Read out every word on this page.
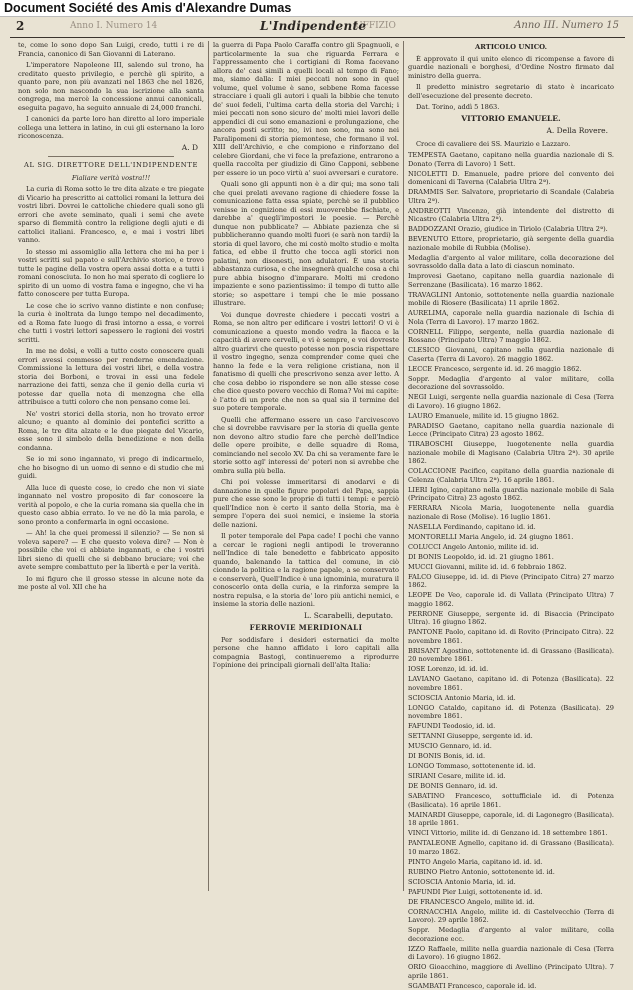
Document Société des Amis d'Alexandre Dumas
2	Anno I. Numero 14	UFFIZIO
L'Indipendente	Anno III. Numero 15

te, come lo sono dopo San Luigi, credo, tutti i re di Francia, canonico di San Giovanni di Laterano.

L'imperatore Napoleone III, salendo sul trono, ha creditato questo privilegio, e perchè gli spirito, a quanto pare, non più avanzati nel 1863 che nel 1826, non solo non nascondo la sua iscrizione alla santa congrega, ma mercè la concessione annui canonicali, eseguita pagavo, ha seguito annuale di 24,000 franchi.

I canonici da parte loro han diretto al loro imperiale collega una lettera in latino, in cui gli esternano la loro riconoscenza.

A. D
AL SIG. DIRETTORE DELL'INDIPENDENTE
Fialiare verità vostra!!!

La curia di Roma sotto le tre dita alzate e tre piegate di Vicario ha prescritto ai cattolici romani la lettura dei vostri libri. Dovrei le cattoliche chiedere quali sono gli errori che avete seminato, quali i semi che avete sparso di flemmità contro la religione degli ajuti e di cattolici italiani. Francesco, e, e mai i vostri libri vanno.

Io stesso mi assomiglio alla lettera che mi ha per i vostri scritti sul papato e sull'Archivio storico, e trovo tutte le pagine della vostra opera assai dotta e a tutti i romani conosciuta. Io non ho mai sperato di cogliere lo spirito di un uomo di vostra fama e ingegno, che vi ha fatto conoscere per tutta Europa.

Le cose che io scrivo vanno distinte e non confuse; la curia è inoltrata da lungo tempo nel decadimento, ed a Roma fate luogo di frasi intorno a essa, e vorrei che tutti i vostri lettori sapessero le ragioni dei vostri scritti.

In me ne dolsi, e volli a tutto costo conoscere quali errori avessi commesso per renderne emendazione. Commissione la lettura dei vostri libri, e della vostra storia dei Borboni, e trovai in essi una fedele narrazione dei fatti, senza che il genio della curia vi potesse dar quella nota di menzogna che ella attribuisce a tutti coloro che non pensano come lei.

Ne' vostri storici della storia, non ho trovato error alcuno; e quanto al dominio dei pontefici scritto a Roma, le tre dita alzate e le due piegate del Vicario, esse sono il simbolo della benedizione e non della condanna.

Se io mi sono ingannato, vi prego di indicarmelo, che ho bisogno di un uomo di senno e di studio che mi guidi.

Alla luce di queste cose, io credo che non vi siate ingannato nel vostro proposito di far conoscere la verità al popolo, e che la curia romana sia quella che in questo caso abbia errato. Io ve ne dò la mia parola, e sono pronto a confermarla in ogni occasione.

— Ah! la che quei promessi il silenzio? — Se non si voleva sapere? — E che questo voleva dire? — Non è possibile che voi ci abbiate ingannati, e che i vostri libri sieno di quelli che si debbano bruciare; voi che avete sempre combattuto per la libertà e per la verità.

Io mi figuro che il grosso stesse in alcune note da me poste al vol. XII che ha

la guerra di Papa Paolo Caraffa contro gli Spagnuoli, e particolarmente la sua che riguarda Ferrara e l'appressamento che i cortigiani di Roma facevano allora de' casi simili a quelli locali al tempo di Fano; ma, siamo dalla: I miei peccati non sono in quel volume, quel volume è sano, sebbene Roma facesse stracciare i quali gli autori i quali la bibbie che tenuto de' suoi fedeli, l'ultima carta della storia del Varchi; i miei peccati non sono sicuro de' molti miei lavori delle appendici di cui sono emanazioni e prolungazione, che ancora posti scritto; no, ivi non sono, ma sono nei Paralipomeni di storia piemontese, che formano il vol. XIII dell'Archivio, e che compiono e rinforzano del celebre Giordani, che vi fece la prefazione, entrarono a quella raccolta per giudizio di Gino Capponi, sebbene per essere io un poco virtù a' suoi avversari e curatore.

Quali sono gli appunti non è a dir qui; ma sono tali che quei prelati avevano ragione di chiedere fosse la comunicazione fatta essa spiate, perchè se il pubblico venisse in cognizione di essi muoverebbe fischiate, e darebbe a' quegli'impostori le poesie. — Perchè dunque non pubblicate? — Abbiate pazienza che si pubblicheranno quando molti fuori (e sarà non tardi) la storia di quel lavoro, che mi costò molto studio e molta fatica, ed ebbe il frutto che tocca agli storici non palatini, non disonesti, non adulatori. È una storia abbastanza curiosa, e che insegnerà qualche cosa a chi pure abbia bisogno d'imparare. Molti mi credono impaziente e sono pazientissimo: il tempo di tutto alle storie; so aspettare i tempi che le mie possano illustrare.

Voi dunque dovreste chiedere i peccati vostri a Roma, se non altro per edificare i vostri lettori! O vi è comunicazione a questo mondo vedra la fiacca e la capacità di avere cervelli, e vi è sempre, e voi dovreste altro guarirvi che questo potesse non poscia rispettare il vostro ingegno, senza comprender come quei che hanno la fede e la vera religione cristiana, non il fanatismo di quelli che prescrivono senza aver letto. A che cosa debbo io rispondere se non alle stesse cose che dice questo povero vecchio di Roma? Voi mi capite: è l'atto di un prete che non sa qual sia il termine del suo potere temporale.

Quelli che affermano essere un caso l'arcivescovo che si dovrebbe ravvisare per la storia di quella gente non devono altro studio fare che perchè dell'Indice delle opere proibite, e delle squadre di Roma, cominciando nel secolo XV. Da chi sa veramente fare le storie sotto agl' interessi de' poteri non si avrebbe che ombra sulla più bella.

Chi poi volesse immeritarsi di anodarvi e di dannazione in quelle figure popolari del Papa, sappia pure che esse sono le proprie di tutti i tempi: e perciò quell'Indice non è certo il santo della Storia, ma è sempre l'opera dei suoi nemici, e insieme la storia delle nazioni.

Il poter temporale del Papa cade! I pochi che vanno a cercar le ragioni negli antipodi le troveranno nell'Indice di tale benedetto e fabbricato apposito quando, balenando la tattica del comune, in ciò cionndo la politica e la ragione papale, a se conservato e conserverà, Quell'Indice è una ignominia, muratura il conoscerlo onta della curia, e la rinforza sempre la nostra repulsa, e la storia de' loro più antichi nemici, e insieme la storia delle nazioni.

L. Scarabelli, deputato.
FERROVIE MERIDIONALI

Per soddisfare i desideri esternatici da molte persone che hanno affidato i loro capitali alla compagnia Bastogi, continueremo a riprodurre l'opinione dei principali giornali dell'alta Italia:

ARTICOLO UNICO.

È approvato il qui unito elenco di ricompense a favore di guardie nazionali e borghesi, d'Ordine Nostro firmato dal ministro della guerra.

Il predetto ministro segretario di stato è incaricato dell'esecuzione del presente decreto.

Dat. Torino, addì 5 1863.

VITTORIO EMANUELE.
A. Della Rovere.

Croce di cavaliere dei SS. Maurizio e Lazzaro.

TEMPESTA Gaetano, capitano nella guardia nazionale di S. Donato (Terra di Lavoro) 1 Sett.

NICOLETTI D. Emanuele, padre priore del convento dei domenicani di Taverna (Calabria Ultra 2ª).

DRAMMIS Ser. Salvatore, proprietario di Scandale (Calabria Ultra 2ª).

ANDREOTTI Vincenzo, già intendente del distretto di Nicastro (Calabria Ultra 2ª).

BADDOZZANI Orazio, giudice in Tiriolo (Calabria Ultra 2ª).

BEVENUTO Ettore, proprietario, già sergente della guardia nazionale mobile di Rubbia (Molise).

Medaglia d'argento al valor militare, colla decorazione del sovrassoldo dalla data a lato di ciascun nominato.

Improvesi Gaetano, capitano nella guardia nazionale di Serrenzane (Basilicata). 16 marzo 1862.

TRAVAGLINI Antonio, sottotenente nella guardia nazionale mobile di Riosere (Basilicata) 11 aprile 1862.

AURELIMA, caporale nella guardia nazionale di Ischia di Nola (Terra di Lavoro). 17 marzo 1862.

CORNELL Filippo, sergente, nella guardia nazionale di Rossano (Principato Ultra) 7 maggio 1862.

CLESICO Giovanni, capitano nella guardia nazionale di Caserta (Terra di Lavoro). 26 maggio 1862.

LECCE Francesco, sergente id. id. 26 maggio 1862.

Soppr. Medaglia d'argento al valor militare, colla decorazione del sovrassoldo.

NEGI Luigi, sergente nella guardia nazionale di Cesa (Terra di Lavoro). 16 giugno 1862.

LAURO Emanuele, milite id. 15 giugno 1862.

PARADISO Gaetano, capitano nella guardia nazionale di Lecce (Principato Citra) 23 agosto 1862.

TIRABOSCHI Giuseppe, luogotenente nella guardia nazionale mobile di Magisano (Calabria Ultra 2ª). 30 aprile 1862.

COLACCIONE Pacifico, capitano della guardia nazionale di Celenza (Calabria Ultra 2ª). 16 aprile 1861.

LIERI Igino, capitano nella guardia nazionale mobile di Sala (Principato Citra) 23 agosto 1862.

FERRARA Nicola Maria, luogotenente nella guardia nazionale di Rose (Molise). 16 luglio 1861.

NASELLA Ferdinando, capitano id. id.

MONTORELLI Maria Angelo, id. 24 giugno 1861.

COLUCCI Angelo Antonio, milite id. id.

DI BONIS Leopoldo, id. id. 21 giugno 1861.

MUCCI Giovanni, milite id. id. 6 febbraio 1862.

FALCO Giuseppe, id. id. di Pieve (Principato Citra) 27 marzo 1862.

LEOPE De Veo, caporale id. di Vallata (Principato Ultra) 7 maggio 1862.

PERRONE Giuseppe, sergente id. di Bisaccia (Principato Ultra). 16 giugno 1862.

PANTONE Paolo, capitano id. di Rovito (Principato Citra). 22 novembre 1861.

BRISANT Agostino, sottotenente id. di Grassano (Basilicata). 20 novembre 1861.

IOSE Lorenzo, id. id. id.

LAVIANO Gaetano, capitano id. di Potenza (Basilicata). 22 novembre 1861.

SCIOSCIA Antonio Maria, id. id.

LONGO Cataldo, capitano id. di Potenza (Basilicata). 29 novembre 1861.

FAFUNDI Teodosio, id. id.

SETTANNI Giuseppe, sergente id. id.

MUSCIO Gennaro, id. id.

DI BONIS Bonis, id. id.

LONGO Tommaso, sottotenente id. id.

SIRIANI Cesare, milite id. id.

DE BONIS Gennaro, id. id.

SABATINO Francesco, sottufficiale id. di Potenza (Basilicata). 16 aprile 1861.

MAINARDI Giuseppe, caporale, id. di Lagonegro (Basilicata). 18 aprile 1861.

VINCI Vittorio, milite id. di Genzano id. 18 settembre 1861.

PANTALEONE Agnello, capitano id. di Grassano (Basilicata). 10 marzo 1862.

PINTO Angelo Maria, capitano id. id. id.

RUBINO Pietro Antonio, sottotenente id. id.

SCIOSCIA Antonio Maria, id. id.

PAFUNDI Pier Luigi, sottotenente id. id.

DE FRANCESCO Angelo, milite id. id.

CORNACCHIA Angelo, milite id. di Castelvecchio (Terra di Lavoro). 29 aprile 1862.

Soppr. Medaglia d'argento al valor militare, colla decorazione ecc.

IZZO Raffaele, milite nella guardia nazionale di Cesa (Terra di Lavoro). 16 giugno 1862.

ORIO Gioacchino, maggiore di Avellino (Principato Ultra). 7 aprile 1861.

SGAMBATI Francesco, caporale id. id.
